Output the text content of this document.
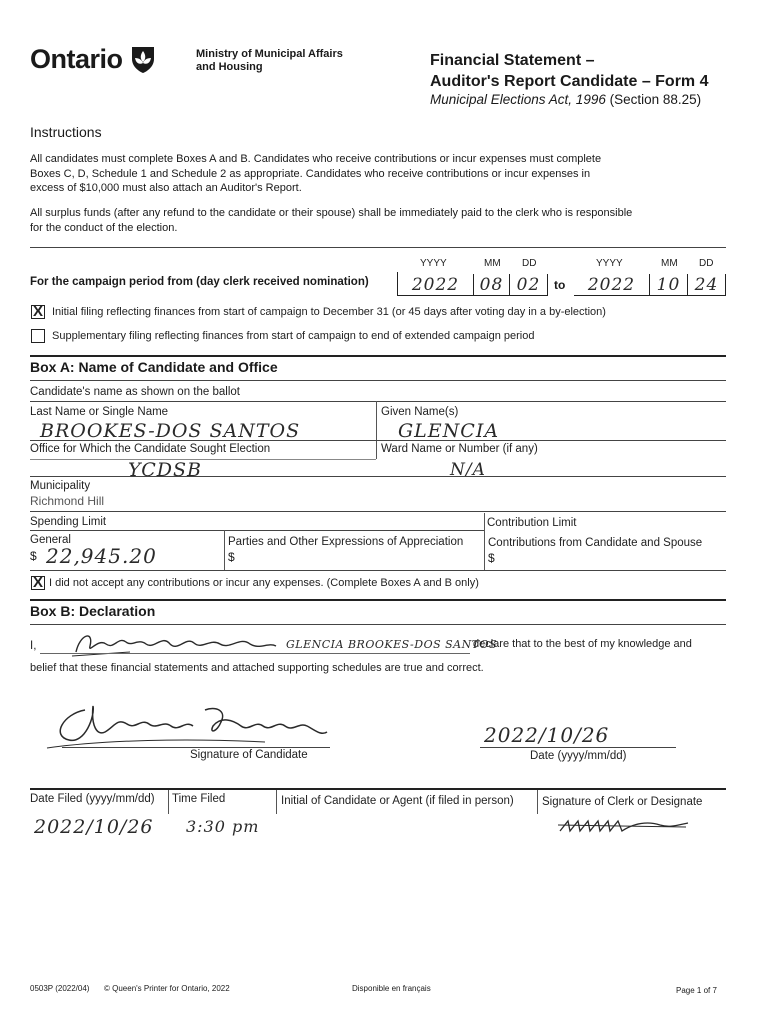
Ontario	Ministry of Municipal Affairs
and Housing	Financial Statement –
Auditor's Report Candidate – Form 4
Municipal Elections Act, 1996 (Section 88.25)
Instructions
All candidates must complete Boxes A and B. Candidates who receive contributions or incur expenses must complete
Boxes C, D, Schedule 1 and Schedule 2 as appropriate. Candidates who receive contributions or incur expenses in
excess of $10,000 must also attach an Auditor's Report.
All surplus funds (after any refund to the candidate or their spouse) shall be immediately paid to the clerk who is responsible
for the conduct of the election.
YYYY	MM DD	YYYY	MM DD
For the campaign period from (day clerk received nomination)	2022	08 02	to	2022	10 24
X Initial filing reflecting finances from start of campaign to December 31 (or 45 days after voting day in a by-election)
Supplementary filing reflecting finances from start of campaign to end of extended campaign period
Box A: Name of Candidate and Office
Candidate's name as shown on the ballot
Last Name or Single Name
BROOKES-DOS SANTOS
Given Name(s)
GLENCIA
Office for Which the Candidate Sought Election
YCDSB
Ward Name or Number (if any)
N/A
Municipality
Richmond Hill
Spending Limit	Contribution Limit
General
$ 22,945.20
Parties and Other Expressions of Appreciation
$
Contributions from Candidate and Spouse
$
X I did not accept any contributions or incur any expenses. (Complete Boxes A and B only)
Box B: Declaration
I,	GLENCIA BROOKES-DOS SANTOS
declare that to the best of my knowledge and
belief that these financial statements and attached supporting schedules are true and correct.
Signature of Candidate
2022/10/26
Date (yyyy/mm/dd)
Date Filed (yyyy/mm/dd)
2022/10/26
Time Filed
3:30 pm
Initial of Candidate or Agent (if filed in person) Signature of Clerk or Designate
0503P (2022/04) © Queen's Printer for Ontario, 2022	Disponible en français	Page 1 of 7
